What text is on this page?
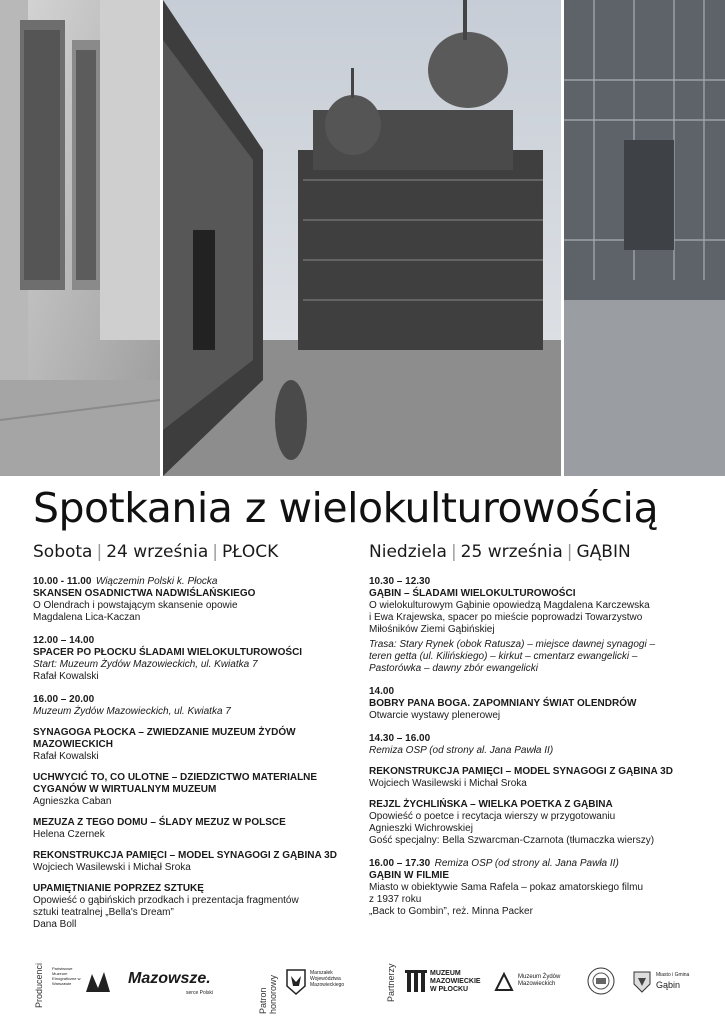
Spotkania z wielokulturowością
Sobota | 24 września | PŁOCK
10.00 - 11.00 Wiączemin Polski k. Płocka
SKANSEN OSADNICTWA NADWIŚLAŃSKIEGO
O Olendrach i powstającym skansenie opowie
Magdalena Lica-Kaczan
12.00 – 14.00
SPACER PO PŁOCKU ŚLADAMI WIELOKULTUROWOŚCI
Start: Muzeum Żydów Mazowieckich, ul. Kwiatka 7
Rafał Kowalski
16.00 – 20.00
Muzeum Żydów Mazowieckich, ul. Kwiatka 7
SYNAGOGA PŁOCKA – ZWIEDZANIE MUZEUM ŻYDÓW MAZOWIECKICH
Rafał Kowalski
UCHWYCIĆ TO, CO ULOTNE – DZIEDZICTWO MATERIALNE CYGANÓW W WIRTUALNYM MUZEUM
Agnieszka Caban
MEZUZA Z TEGO DOMU – ŚLADY MEZUZ W POLSCE
Helena Czernek
REKONSTRUKCJA PAMIĘCI – MODEL SYNAGOGI Z GĄBINA 3D
Wojciech Wasilewski i Michał Sroka
UPAMIĘTNIANIE POPRZEZ SZTUKĘ
Opowieść o gąbińskich przodkach i prezentacja fragmentów
sztuki teatralnej „Bella's Dream”
Dana Boll
Niedziela | 25 września | GĄBIN
10.30 – 12.30
GĄBIN – ŚLADAMI WIELOKULTUROWOŚCI
O wielokulturowym Gąbinie opowiedzą Magdalena Karczewska
i Ewa Krajewska, spacer po mieście poprowadzi Towarzystwo
Miłośników Ziemi Gąbińskiej
Trasa: Stary Rynek (obok Ratusza) – miejsce dawnej synagogi –
teren getta (ul. Kilińskiego) – kirkut – cmentarz ewangelicki –
Pastorówka – dawny zbór ewangelicki
14.00
BOBRY PANA BOGA. ZAPOMNIANY ŚWIAT OLENDRÓW
Otwarcie wystawy plenerowej
14.30 – 16.00
Remiza OSP (od strony al. Jana Pawła II)
REKONSTRUKCJA PAMIĘCI – MODEL SYNAGOGI Z GĄBINA 3D
Wojciech Wasilewski i Michał Sroka
REJZL ŻYCHLIŃSKA – WIELKA POETKA Z GĄBINA
Opowieść o poetce i recytacja wierszy w przygotowaniu
Agnieszki Wichrowskiej
Gość specjalny: Bella Szwarcman-Czarnota (tłumaczka wierszy)
16.00 – 17.30 Remiza OSP (od strony al. Jana Pawła II)
GĄBIN W FILMIE
Miasto w obiektywie Sama Rafela – pokaz amatorskiego filmu
z 1937 roku
„Back to Gombin”, reż. Minna Packer
Producenci Państwowe Muzeum Etnograficzne w Warszawie	Mazowsze.
serce Polski	Patron honorowy
Marszałek Województwa Mazowieckiego	Partnerzy	MUZEUM MAZOWIECKIE W PŁOCKU
Muzeum Żydów Mazowieckich
Miasto i Gmina
Gąbin
